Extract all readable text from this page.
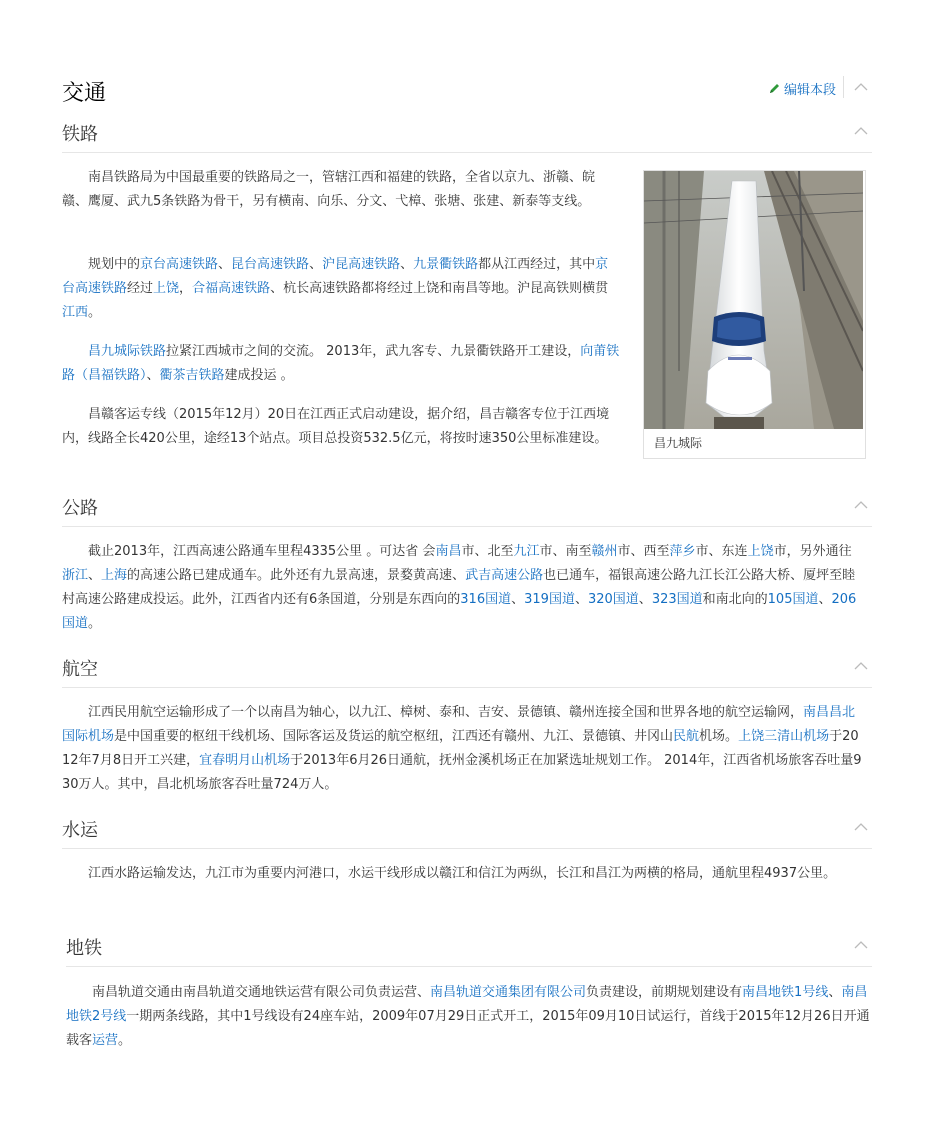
交通	编辑本段
铁路

南昌铁路局为中国最重要的铁路局之一，管辖江西和福建的铁路，全省以京九、浙赣、皖赣、鹰厦、武九5条铁路为骨干，另有横南、向乐、分文、弋樟、张塘、张建、新泰等支线。

规划中的京台高速铁路、昆台高速铁路、沪昆高速铁路、九景衢铁路都从江西经过，其中京台高速铁路经过上饶，合福高速铁路、杭长高速铁路都将经过上饶和南昌等地。沪昆高铁则横贯江西。

昌九城际铁路拉紧江西城市之间的交流。 2013年，武九客专、九景衢铁路开工建设，向莆铁路（昌福铁路）、衢茶吉铁路建成投运 。

昌赣客运专线（2015年12月）20日在江西正式启动建设，据介绍，昌吉赣客专位于江西境内，线路全长420公里，途经13个站点。项目总投资532.5亿元，将按时速350公里标准建设。	昌九城际
公路

截止2013年，江西高速公路通车里程4335公里 。可达省 会南昌市、北至九江市、南至赣州市、西至萍乡市、东连上饶市，另外通往浙江、上海的高速公路已建成通车。此外还有九景高速，景婺黄高速、武吉高速公路也已通车，福银高速公路九江长江公路大桥、厦坪至睦村高速公路建成投运。此外，江西省内还有6条国道，分别是东西向的316国道、319国道、320国道、323国道和南北向的105国道、206国道。

航空

江西民用航空运输形成了一个以南昌为轴心，以九江、樟树、泰和、吉安、景德镇、赣州连接全国和世界各地的航空运输网，南昌昌北国际机场是中国重要的枢纽干线机场、国际客运及货运的航空枢纽，江西还有赣州、九江、景德镇、井冈山民航机场。上饶三清山机场于2012年7月8日开工兴建，宜春明月山机场于2013年6月26日通航，抚州金溪机场正在加紧选址规划工作。 2014年，江西省机场旅客吞吐量930万人。其中，昌北机场旅客吞吐量724万人。

水运

江西水路运输发达，九江市为重要内河港口，水运干线形成以赣江和信江为两纵，长江和昌江为两横的格局，通航里程4937公里。

地铁

南昌轨道交通由南昌轨道交通地铁运营有限公司负责运营、南昌轨道交通集团有限公司负责建设，前期规划建设有南昌地铁1号线、南昌地铁2号线一期两条线路，其中1号线设有24座车站，2009年07月29日正式开工，2015年09月10日试运行，首线于2015年12月26日开通载客运营。
